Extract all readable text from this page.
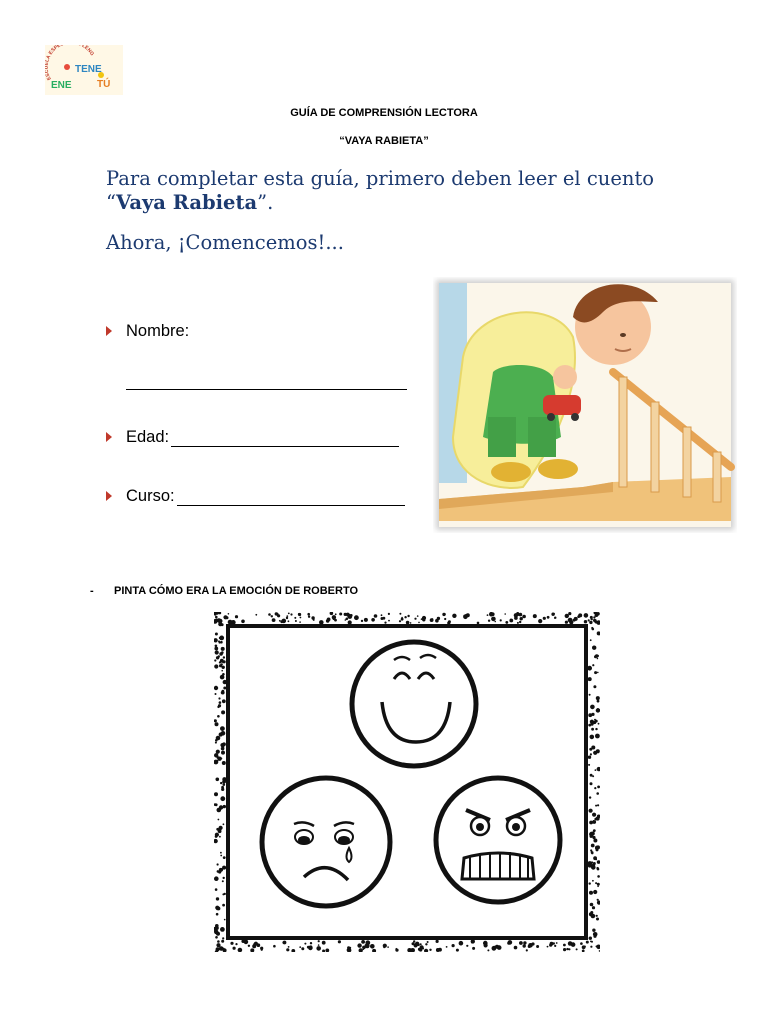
ES A ESPE LENG
TENE
ENE	TÚ
GUÍA DE COMPRENSIÓN LECTORA
“VAYA RABIETA”
Para completar esta guía, primero deben leer el cuento
“Vaya Rabieta”.
Ahora, ¡Comencemos!...
Nombre:
Edad:
Curso:
- PINTA CÓMO ERA LA EMOCIÓN DE ROBERTO
